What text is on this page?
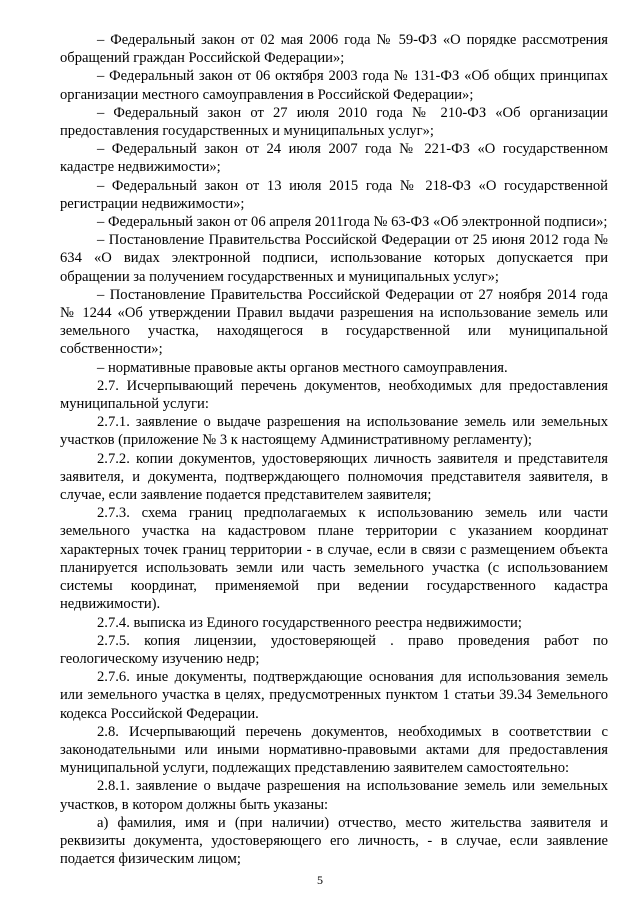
– Федеральный закон от 02 мая 2006 года № 59-ФЗ «О порядке рассмотрения обращений граждан Российской Федерации»;

– Федеральный закон от 06 октября 2003 года № 131-ФЗ «Об общих принципах организации местного самоуправления в Российской Федерации»;

– Федеральный закон от 27 июля 2010 года № 210-ФЗ «Об организации предоставления государственных и муниципальных услуг»;

– Федеральный закон от 24 июля 2007 года № 221-ФЗ «О государственном кадастре недвижимости»;

– Федеральный закон от 13 июля 2015 года № 218-ФЗ «О государственной регистрации недвижимости»;

– Федеральный закон от 06 апреля 2011года № 63-ФЗ «Об электронной подписи»;

– Постановление Правительства Российской Федерации от 25 июня 2012 года № 634 «О видах электронной подписи, использование которых допускается при обращении за получением государственных и муниципальных услуг»;

– Постановление Правительства Российской Федерации от 27 ноября 2014 года № 1244 «Об утверждении Правил выдачи разрешения на использование земель или земельного участка, находящегося в государственной или муниципальной собственности»;

– нормативные правовые акты органов местного самоуправления.

2.7. Исчерпывающий перечень документов, необходимых для предоставления муниципальной услуги:

2.7.1. заявление о выдаче разрешения на использование земель или земельных участков (приложение № 3 к настоящему Административному регламенту);

2.7.2. копии документов, удостоверяющих личность заявителя и представителя заявителя, и документа, подтверждающего полномочия представителя заявителя, в случае, если заявление подается представителем заявителя;

2.7.3. схема границ предполагаемых к использованию земель или части земельного участка на кадастровом плане территории с указанием координат характерных точек границ территории - в случае, если в связи с размещением объекта планируется использовать земли или часть земельного участка (с использованием системы координат, применяемой при ведении государственного кадастра недвижимости).

2.7.4. выписка из Единого государственного реестра недвижимости;

2.7.5. копия лицензии, удостоверяющей . право проведения работ по геологическому изучению недр;

2.7.6. иные документы, подтверждающие основания для использования земель или земельного участка в целях, предусмотренных пунктом 1 статьи 39.34 Земельного кодекса Российской Федерации.

2.8. Исчерпывающий перечень документов, необходимых в соответствии с законодательными или иными нормативно-правовыми актами для предоставления муниципальной услуги, подлежащих представлению заявителем самостоятельно:

2.8.1. заявление о выдаче разрешения на использование земель или земельных участков, в котором должны быть указаны:

а) фамилия, имя и (при наличии) отчество, место жительства заявителя и реквизиты документа, удостоверяющего его личность, - в случае, если заявление подается физическим лицом;

5
